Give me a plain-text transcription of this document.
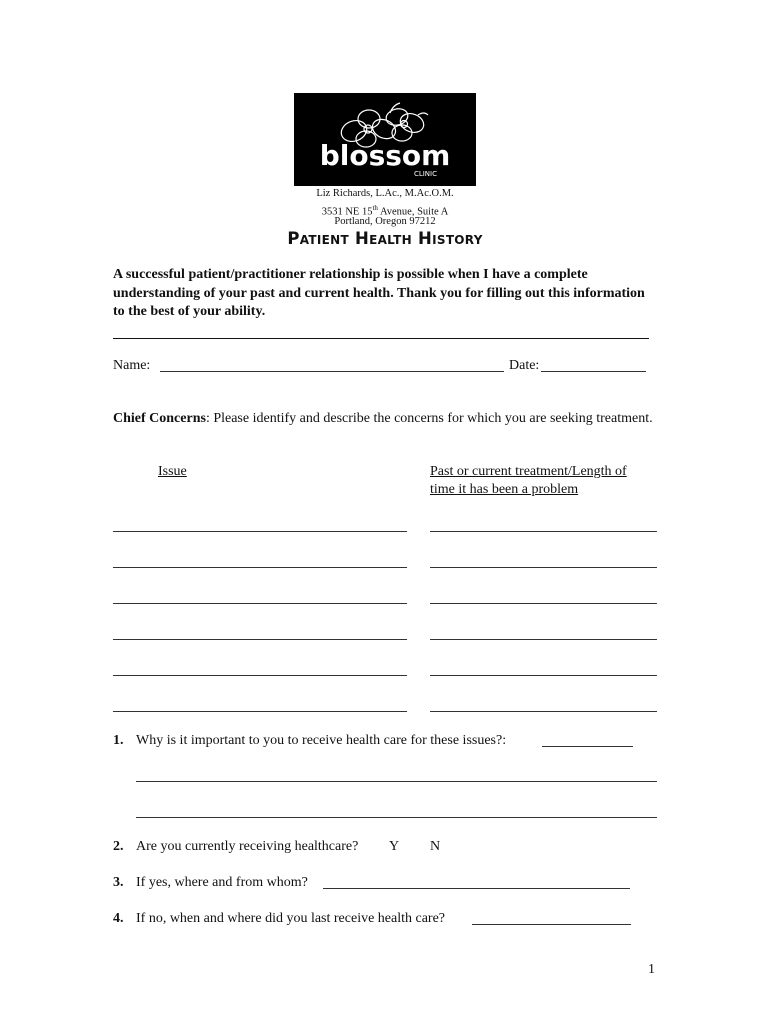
blossom
CLINIC
Liz Richards, L.Ac., M.Ac.O.M.
3531 NE 15th Avenue, Suite A
Portland, Oregon 97212
Patient Health History
A successful patient/practitioner relationship is possible when I have a complete understanding of your past and current health. Thank you for filling out this information to the best of your ability.
Name:	Date:
Chief Concerns: Please identify and describe the concerns for which you are seeking treatment.
Issue	Past or current treatment/Length of
time it has been a problem
1. Why is it important to you to receive health care for these issues?:
2. Are you currently receiving healthcare? Y N
3. If yes, where and from whom?
4. If no, when and where did you last receive health care?
1
